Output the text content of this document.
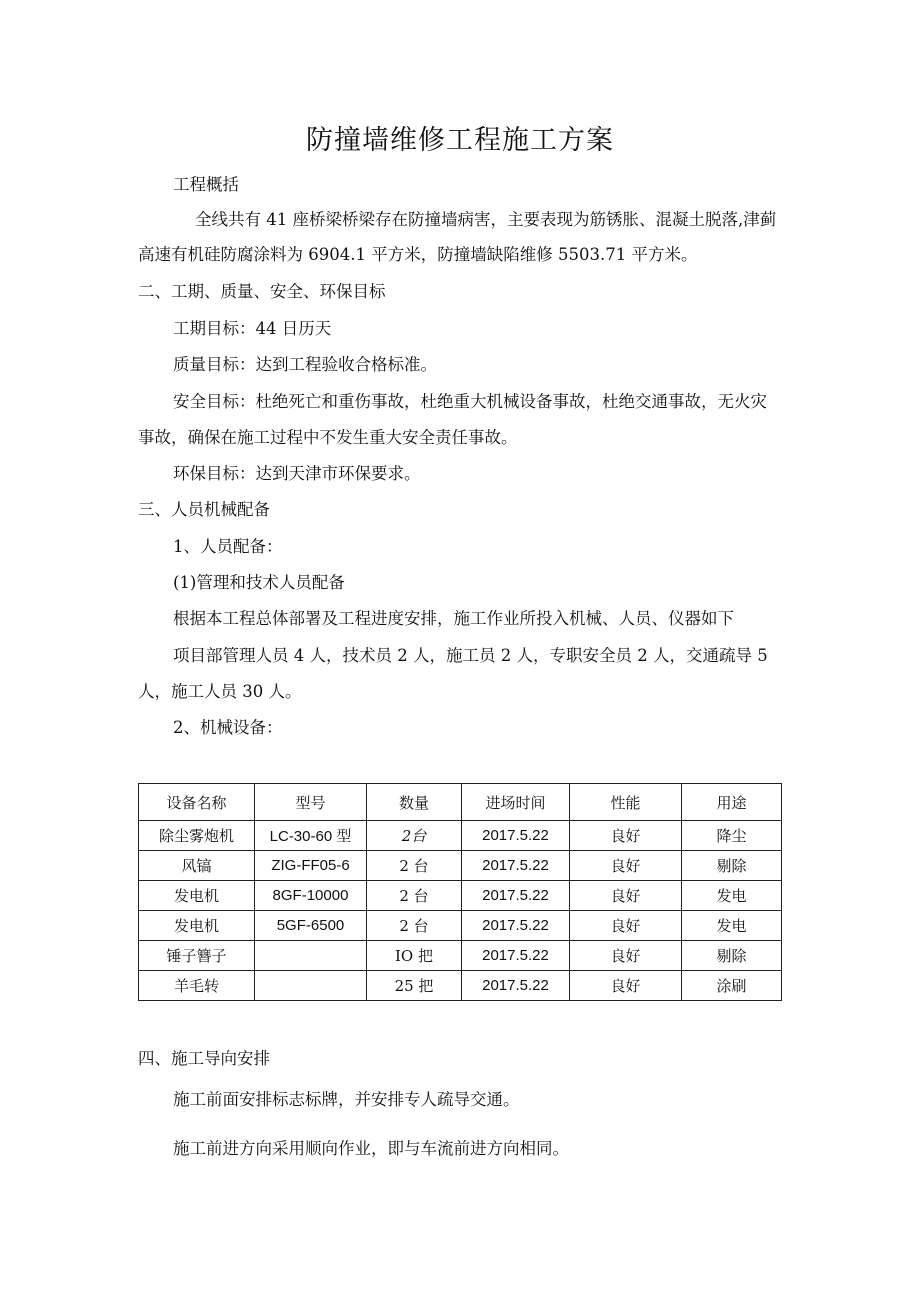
防撞墙维修工程施工方案
工程概括
全线共有 41 座桥梁桥梁存在防撞墙病害，主要表现为筋锈胀、混凝土脱落,津蓟
高速有机硅防腐涂料为 6904.1 平方米，防撞墙缺陷维修 5503.71 平方米。
二、工期、质量、安全、环保目标
工期目标：44 日历天
质量目标：达到工程验收合格标准。
安全目标：杜绝死亡和重伤事故，杜绝重大机械设备事故，杜绝交通事故，无火灾
事故，确保在施工过程中不发生重大安全责任事故。
环保目标：达到天津市环保要求。
三、人员机械配备
1、人员配备：
(1)管理和技术人员配备
根据本工程总体部署及工程进度安排，施工作业所投入机械、人员、仪器如下
项目部管理人员 4 人，技术员 2 人，施工员 2 人，专职安全员 2 人，交通疏导 5
人，施工人员 30 人。
2、机械设备：
设备名称	型号	数量	进场时间	性能	用途
除尘雾炮机	LC-30-60 型	2台	2017.5.22	良好	降尘
风镐	ZIG-FF05-6	2 台	2017.5.22	良好	剔除
发电机	8GF-10000	2 台	2017.5.22	良好	发电
发电机	5GF-6500	2 台	2017.5.22	良好	发电
锤子簪子		IO 把	2017.5.22	良好	剔除
羊毛转		25 把	2017.5.22	良好	涂刷
四、施工导向安排
施工前面安排标志标牌，并安排专人疏导交通。
施工前进方向采用顺向作业，即与车流前进方向相同。
